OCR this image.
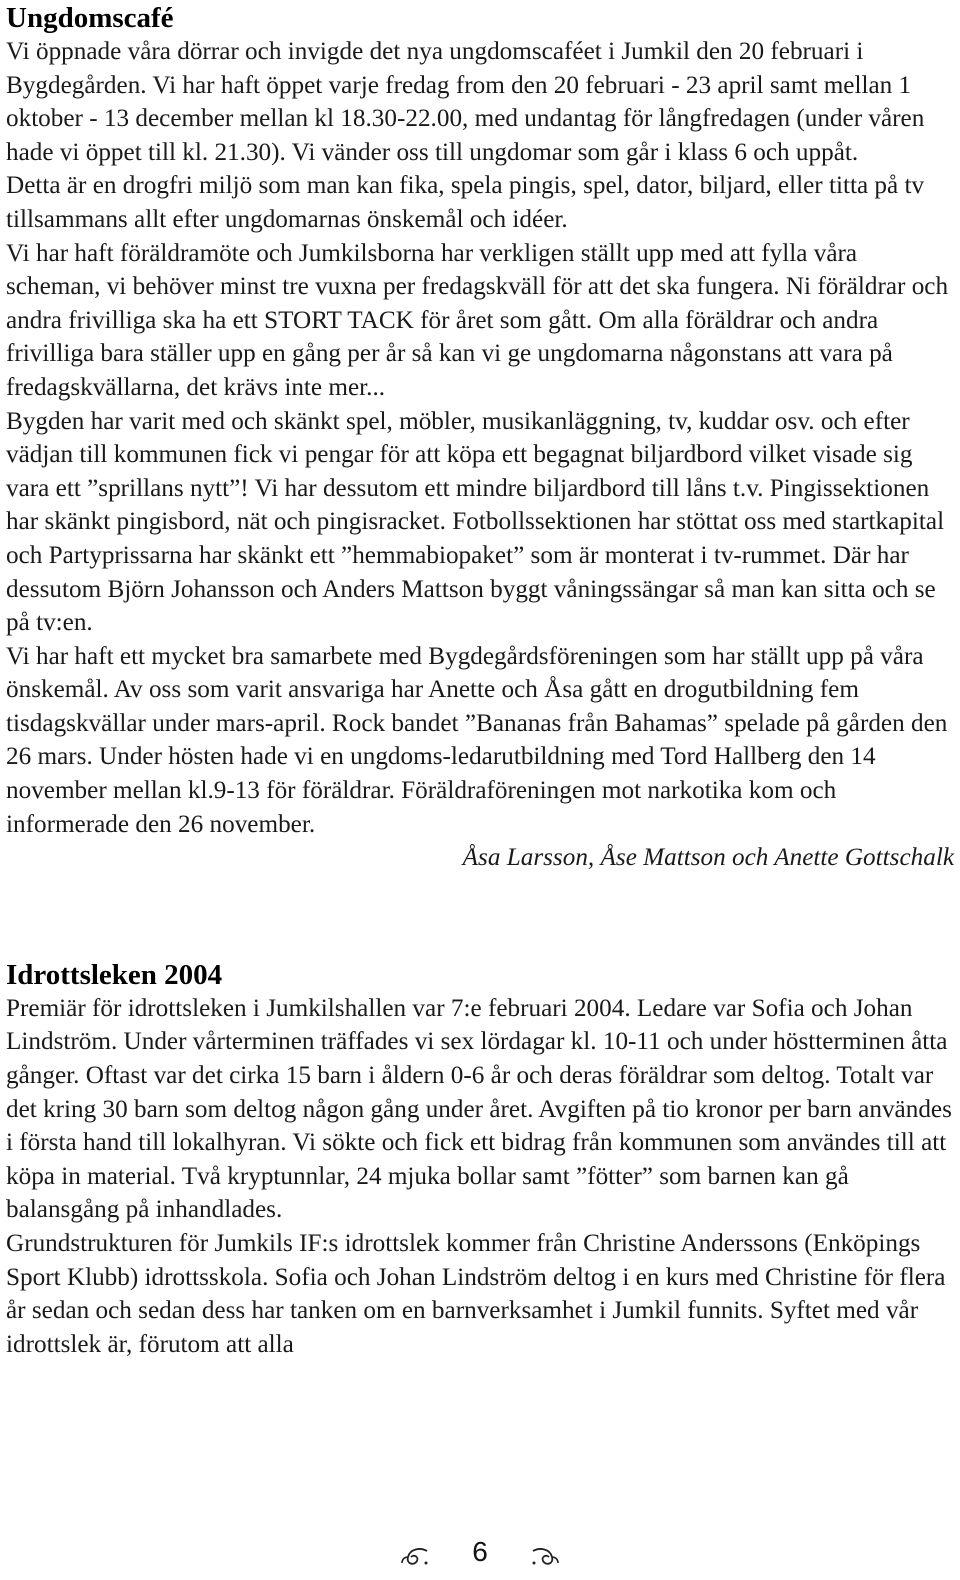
Ungdomscafé

Vi öppnade våra dörrar och invigde det nya ungdomscaféet i Jumkil den 20 februari i Bygdegården. Vi har haft öppet varje fredag from den 20 februari - 23 april samt mellan 1 oktober - 13 december mellan kl 18.30-22.00, med undantag för långfredagen (under våren hade vi öppet till kl. 21.30). Vi vänder oss till ungdomar som går i klass 6 och uppåt.

Detta är en drogfri miljö som man kan fika, spela pingis, spel, dator, biljard, eller titta på tv tillsammans allt efter ungdomarnas önskemål och idéer.

Vi har haft föräldramöte och Jumkilsborna har verkligen ställt upp med att fylla våra scheman, vi behöver minst tre vuxna per fredagskväll för att det ska fungera. Ni föräldrar och andra frivilliga ska ha ett STORT TACK för året som gått. Om alla föräldrar och andra frivilliga bara ställer upp en gång per år så kan vi ge ungdomarna någonstans att vara på fredagskvällarna, det krävs inte mer...

Bygden har varit med och skänkt spel, möbler, musikanläggning, tv, kuddar osv. och efter vädjan till kommunen fick vi pengar för att köpa ett begagnat biljardbord vilket visade sig vara ett ”sprillans nytt”! Vi har dessutom ett mindre biljardbord till låns t.v. Pingissektionen har skänkt pingisbord, nät och pingisracket. Fotbollssektionen har stöttat oss med startkapital och Partyprissarna har skänkt ett ”hemmabiopaket” som är monterat i tv-rummet. Där har dessutom Björn Johansson och Anders Mattson byggt våningssängar så man kan sitta och se på tv:en.

Vi har haft ett mycket bra samarbete med Bygdegårdsföreningen som har ställt upp på våra önskemål. Av oss som varit ansvariga har Anette och Åsa gått en drogutbildning fem tisdagskvällar under mars-april. Rock bandet ”Bananas från Bahamas” spelade på gården den 26 mars. Under hösten hade vi en ungdoms-ledarutbildning med Tord Hallberg den 14 november mellan kl.9-13 för föräldrar. Föräldraföreningen mot narkotika kom och informerade den 26 november.

Åsa Larsson, Åse Mattson och Anette Gottschalk

Idrottsleken 2004

Premiär för idrottsleken i Jumkilshallen var 7:e februari 2004. Ledare var Sofia och Johan Lindström. Under vårterminen träffades vi sex lördagar kl. 10-11 och under höstterminen åtta gånger. Oftast var det cirka 15 barn i åldern 0-6 år och deras föräldrar som deltog. Totalt var det kring 30 barn som deltog någon gång under året. Avgiften på tio kronor per barn användes i första hand till lokalhyran. Vi sökte och fick ett bidrag från kommunen som användes till att köpa in material. Två kryptunnlar, 24 mjuka bollar samt ”fötter” som barnen kan gå balansgång på inhandlades.

Grundstrukturen för Jumkils IF:s idrottslek kommer från Christine Anderssons (Enköpings Sport Klubb) idrottsskola. Sofia och Johan Lindström deltog i en kurs med Christine för flera år sedan och sedan dess har tanken om en barnverksamhet i Jumkil funnits. Syftet med vår idrottslek är, förutom att alla

6
